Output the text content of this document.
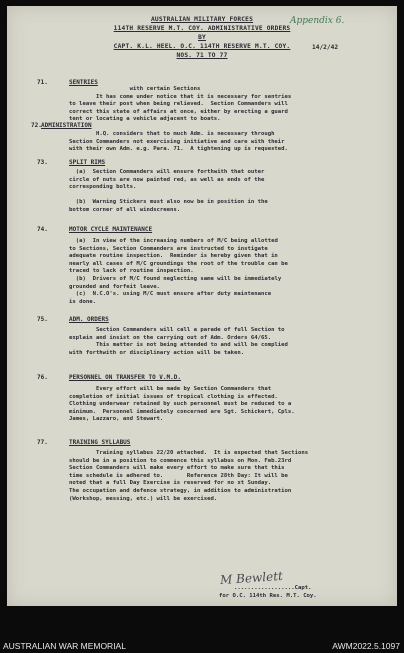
Appendix 6.
AUSTRALIAN MILITARY FORCES
114TH RESERVE M.T. COY. ADMINISTRATIVE ORDERS
BY
CAPT. K.L. HEEL. O.C. 114TH RESERVE M.T. COY.
NOS. 71 TO 77
14/2/42
71.	SENTRIES
with certain Sections
It has come under notice that it is necessary for sentries
to leave their post when being relieved.  Section Commanders will
correct this state of affairs at once, either by erecting a guard
tent or locating a vehicle adjacent to boats.
72. ADMINISTRATION
H.Q. considers that to much Adm. is necessary through
Section Commanders not exercising initiative and care with their
with their own Adm. e.g. Para. 71.  A tightening up is requested.
73.	SPLIT RIMS
(a)  Section Commanders will ensure forthwith that outer
circle of nuts are now painted red, as well as ends of the
corresponding bolts.

(b)  Warning Stickers must also now be in position in the
bottom corner of all windscreens.
74.	MOTOR CYCLE MAINTENANCE
(a)  In view of the increasing numbers of M/C being allotted
to Sections, Section Commanders are instructed to instigate
adequate routine inspection.  Reminder is hereby given that in
nearly all cases of M/C groundings the root of the trouble can be
traced to lack of routine inspection.
(b)  Drivers of M/C found neglecting same will be immediately
grounded and forfeit leave.
(c)  N.C.O's. using M/C must ensure after duty maintenance
is done.
75.	ADM. ORDERS
Section Commanders will call a parade of full Section to
explain and insist on the carrying out of Adm. Orders 64/65.
This matter is not being attended to and will be complied
with forthwith or disciplinary action will be taken.
76.	PERSONNEL ON TRANSFER TO V.M.D.
Every effort will be made by Section Commanders that
completion of initial issues of tropical clothing is effected.
Clothing underwear retained by such personnel must be reduced to a
minimum.  Personnel immediately concerned are Sgt. Schickert, Cpls.
James, Lazzaro, and Stewart.
77.	TRAINING SYLLABUS
Training syllabus 22/20 attached.  It is expected that Sections
should be in a position to commence this syllabus on Mon. Feb.23rd
Section Commanders will make every effort to make sure that this
time schedule is adhered to.       Reference 28th Day: It will be
noted that a full Day Exercise is reserved for no xt Sunday.
The occupation and defence strategy, in addition to administration
(Workshop, messing, etc.) will be exercised.
M Bewlett
..................Capt.
for O.C. 114th Res. M.T. Coy.
AUSTRALIAN WAR MEMORIAL	AWM2022.5.1097
